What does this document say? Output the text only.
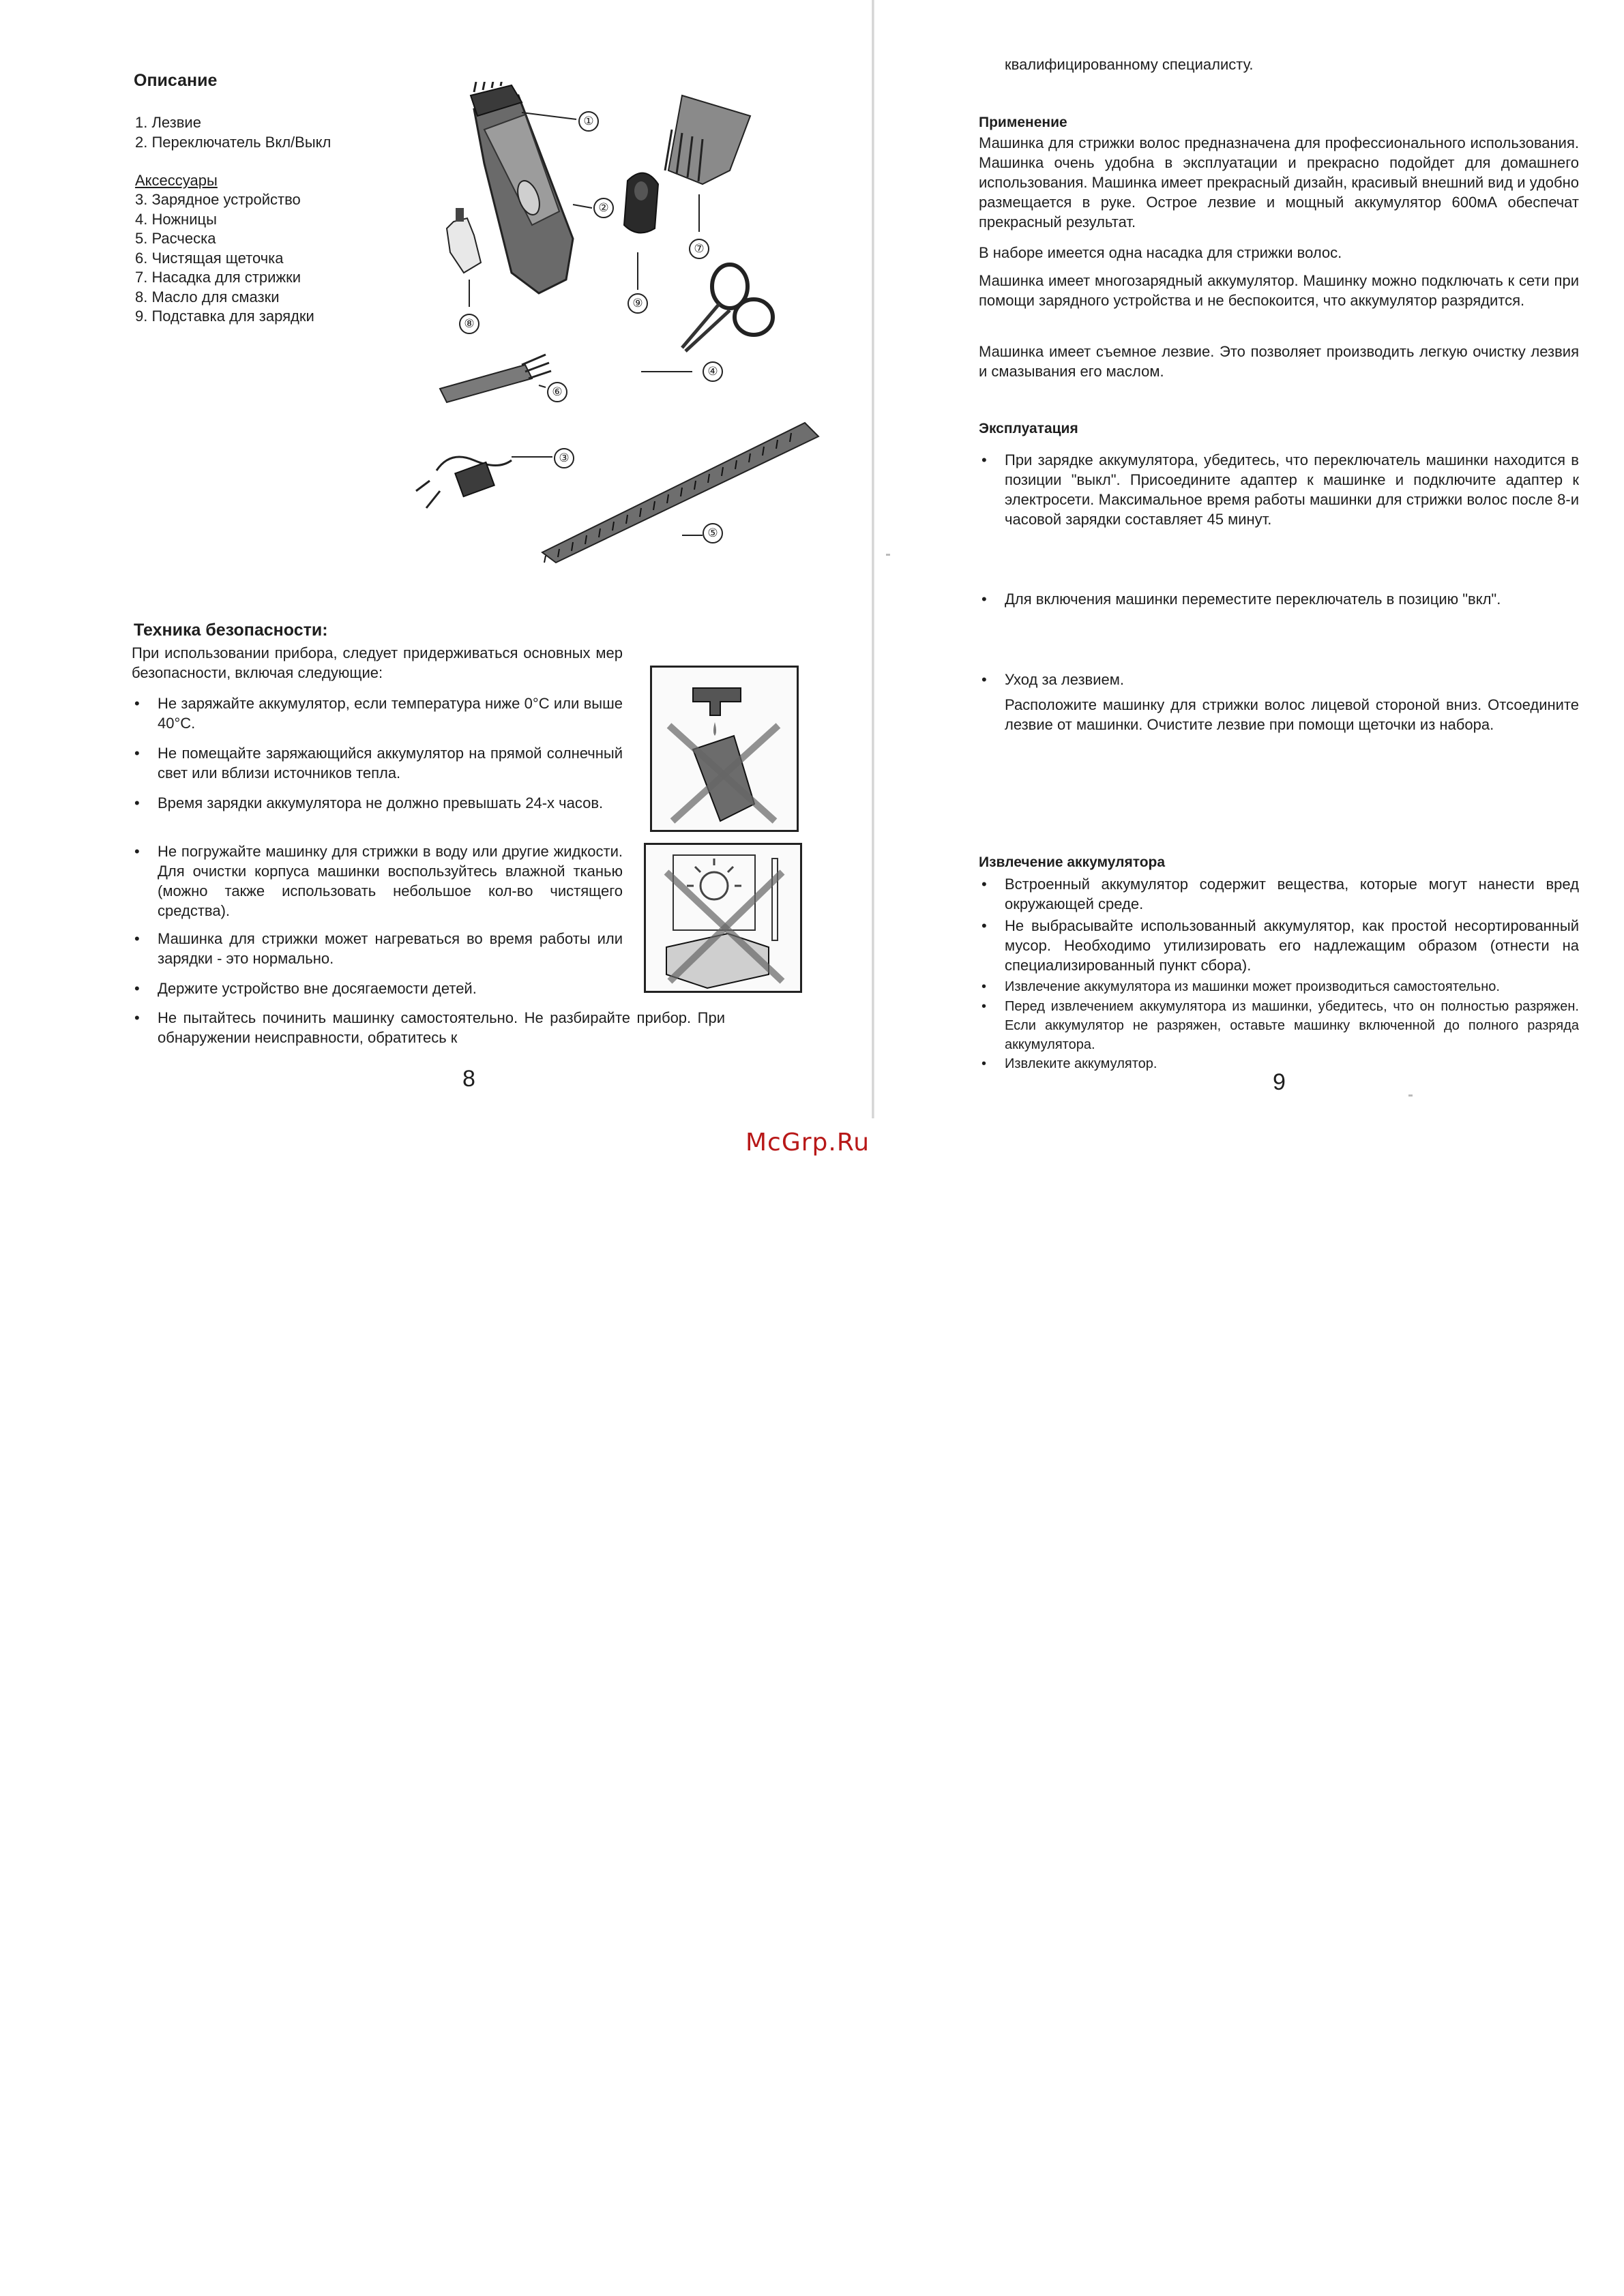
Описание
1. Лезвие
2. Переключатель Вкл/Выкл
Аксессуары
3. Зарядное устройство
4. Ножницы
5. Расческа
6. Чистящая щеточка
7. Насадка для стрижки
8. Масло для смазки
9. Подставка для зарядки
①
②
③
④
⑤
⑥
⑦
⑧
⑨
Техника безопасности:
При использовании прибора, следует придерживаться основных мер безопасности, включая следующие:
• Не заряжайте аккумулятор, если температура ниже 0°C или выше 40°C.
• Не помещайте заряжающийся аккумулятор на прямой солнечный свет или вблизи источников тепла.
• Время зарядки аккумулятора не должно превышать 24-х часов.
• Не погружайте машинку для стрижки в воду или другие жидкости. Для очистки корпуса машинки воспользуйтесь влажной тканью (можно также использовать небольшое кол-во чистящего средства).
• Машинка для стрижки может нагреваться во время работы или зарядки - это нормально.
• Держите устройство вне досягаемости детей.
• Не пытайтесь починить машинку самостоятельно. Не разбирайте прибор. При обнаружении неисправности, обратитесь к
8
квалифицированному специалисту.
Применение
Машинка для стрижки волос предназначена для профессионального использования. Машинка очень удобна в эксплуатации и прекрасно подойдет для домашнего использования. Машинка имеет прекрасный дизайн, красивый внешний вид и удобно размещается в руке. Острое лезвие и мощный аккумулятор 600мА обеспечат прекрасный результат.
В наборе имеется одна насадка для стрижки волос.
Машинка имеет многозарядный аккумулятор. Машинку можно подключать к сети при помощи зарядного устройства и не беспокоится, что аккумулятор разрядится.
Машинка имеет съемное лезвие. Это позволяет производить легкую очистку лезвия и смазывания его маслом.
Эксплуатация
• При зарядке аккумулятора, убедитесь, что переключатель машинки находится в позиции "выкл". Присоедините адаптер к машинке и подключите адаптер к электросети. Максимальное время работы машинки для стрижки волос после 8-и часовой зарядки составляет 45 минут.
• Для включения машинки переместите переключатель в позицию "вкл".
• Уход за лезвием.
Расположите машинку для стрижки волос лицевой стороной вниз. Отсоедините лезвие от машинки. Очистите лезвие при помощи щеточки из набора.
Извлечение аккумулятора
• Встроенный аккумулятор содержит вещества, которые могут нанести вред окружающей среде.
• Не выбрасывайте использованный аккумулятор, как простой несортированный мусор. Необходимо утилизировать его надлежащим образом (отнести на специализированный пункт сбора).
• Извлечение аккумулятора из машинки может производиться самостоятельно.
• Перед извлечением аккумулятора из машинки, убедитесь, что он полностью разряжен. Если аккумулятор не разряжен, оставьте машинку включенной до полного разряда аккумулятора.
• Извлеките аккумулятор.
9
McGrp.Ru
